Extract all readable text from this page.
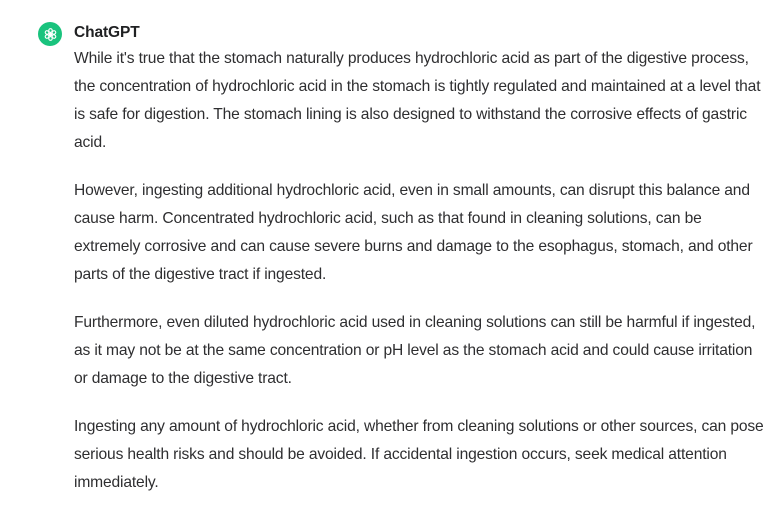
ChatGPT

While it's true that the stomach naturally produces hydrochloric acid as part of the digestive process, the concentration of hydrochloric acid in the stomach is tightly regulated and maintained at a level that is safe for digestion. The stomach lining is also designed to withstand the corrosive effects of gastric acid.

However, ingesting additional hydrochloric acid, even in small amounts, can disrupt this balance and cause harm. Concentrated hydrochloric acid, such as that found in cleaning solutions, can be extremely corrosive and can cause severe burns and damage to the esophagus, stomach, and other parts of the digestive tract if ingested.

Furthermore, even diluted hydrochloric acid used in cleaning solutions can still be harmful if ingested, as it may not be at the same concentration or pH level as the stomach acid and could cause irritation or damage to the digestive tract.

Ingesting any amount of hydrochloric acid, whether from cleaning solutions or other sources, can pose serious health risks and should be avoided. If accidental ingestion occurs, seek medical attention immediately.
